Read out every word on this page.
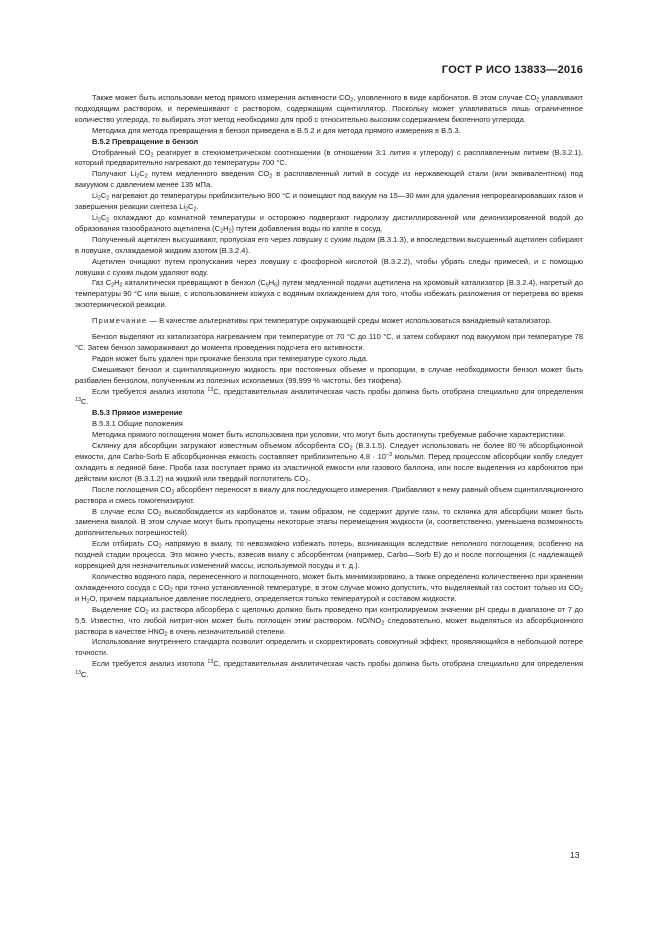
ГОСТ Р ИСО 13833—2016

Также может быть использован метод прямого измерения активности $CO_2$, уловленного в виде карбонатов. В этом случае $CO_2$ улавливают подходящим раствором, и перемешивают с раствором, содержащим сцинтиллятор. Поскольку может улавливаться лишь ограниченное количество углерода, то выбирать этот метод необходимо для проб с относительно высоким содержанием биогенного углерода.

Методика для метода превращения в бензол приведена в В.5.2 и для метода прямого измерения в В.5.3.

В.5.2 Превращение в бензол

Отобранный $CO_2$ реагирует в стехиометрическом соотношении (в отношении 3:1 лития к углероду) с расплавленным литием (В.3.2.1), который предварительно нагревают до температуры 700 °С.

Получают $Li_2C_2$ путем медленного введения $CO_2$ в расплавленный литий в сосуде из нержавеющей стали (или эквивалентном) под вакуумом с давлением менее 135 мПа.

$Li_2C_2$ нагревают до температуры приблизительно 900 °С и помещают под вакуум на 15—30 мин для удаления непрореагировавших газов и завершения реакции синтеза $Li_2C_2$.

$Li_2C_2$ охлаждают до комнатной температуры и осторожно подвергают гидролизу дистиллированной или деионизированной водой до образования газообразного ацетилена $(C_2H_2)$ путем добавления воды по капле в сосуд.

Полученный ацетилен высушивают, пропуская его через ловушку с сухим льдом (В.3.1.3), и впоследствии высушенный ацетилен собирают в ловушке, охлаждаемой жидким азотом (В.3.2.4).

Ацетилен очищают путем пропускания через ловушку с фосфорной кислотой (В.3.2.2), чтобы убрать следы примесей, и с помощью ловушки с сухим льдом удаляют воду.

Газ $C_2H_2$ каталитически превращают в бензол $(C_6H_6)$ путем медленной подачи ацетилена на хромовый катализатор (В.3.2.4), нагретый до температуры 90 °С или выше, с использованием кожуха с водяным охлаждением для того, чтобы избежать разложения от перегрева во время экзотермической реакции.

Примечание — В качестве альтернативы при температуре окружающей среды может использоваться ванадиевый катализатор.

Бензол выделяют из катализатора нагреванием при температуре от 70 °С до 110 °С, и затем собирают под вакуумом при температуре 78 °С. Затем бензол замораживают до момента проведения подсчета его активности.

Радон может быть удален при прокачке бензола при температуре сухого льда.

Смешивают бензол и сцинтилляционную жидкость при постоянных объеме и пропорции, в случае необходимости бензол может быть разбавлен бензолом, полученным из полезных ископаемых (99,999 % чистоты, без тиофена).

Если требуется анализ изотопа $^{13}$C, представительная аналитическая часть пробы должна быть отобрана специально для определения $^{13}$C.

В.5.3 Прямое измерение

В.5.3.1 Общие положения

Методика прямого поглощения может быть использована при условии, что могут быть достигнуты требуемые рабочие характеристики.

Склянку для абсорбции загружают известным объемом абсорбента $CO_2$ (В.3.1.5). Следует использовать не более 80 % абсорбционной емкости, для Carbo-Sorb E абсорбционная емкость составляет приблизительно $4,8 \cdot 10^{-3}$ моль/мл. Перед процессом абсорбции колбу следует охладить в ледяной бане. Проба газа поступает прямо из эластичной емкости или газового баллона, или после выделения из карбонатов при действии кислот (В.3.1.2) на жидкий или твердый поглотитель $CO_2$.

После поглощения $CO_2$ абсорбент переносят в виалу для последующего измерения. Прибавляют к нему равный объем сцинтилляционного раствора и смесь гомогенизируют.

В случае если $CO_2$ высвобождается из карбонатов и, таким образом, не содержит другие газы, то склянка для абсорбции может быть заменена виалой. В этом случае могут быть пропущены некоторые этапы перемещения жидкости (и, соответственно, уменьшена возможность дополнительных погрешностей).

Если отбирать $CO_2$ напрямую в виалу, то невозможно избежать потерь, возникающих вследствие неполного поглощения, особенно на поздней стадии процесса. Это можно учесть, взвесив виалу с абсорбентом (например, Carbo—Sorb E) до и после поглощения (с надлежащей коррекцией для незначительных изменений массы, используемой посуды и т. д.).

Количество водяного пара, перенесенного и поглощенного, может быть минимизировано, а также определено количественно при хранении охлажденного сосуда с $CO_2$ при точно установленной температуре, в этом случае можно допустить, что выделяемый газ состоит только из $CO_2$ и $H_2O$, причем парциальное давление последнего, определяется только температурой и составом жидкости.

Выделение $CO_2$ из раствора абсорбера с щелочью должно быть проведено при контролируемом значении pH среды в диапазоне от 7 до 5,5. Известно, что любой нитрит-ион может быть поглощен этим раствором. $NO/NO_2$ следовательно, может выделяться из абсорбционного раствора в качестве $HNO_2$ в очень незначительной степени.

Использование внутреннего стандарта позволит определить и скорректировать совокупный эффект, проявляющийся в небольшой потере точности.

Если требуется анализ изотопа $^{13}$C, представительная аналитическая часть пробы должна быть отобрана специально для определения $^{13}$C.

13
